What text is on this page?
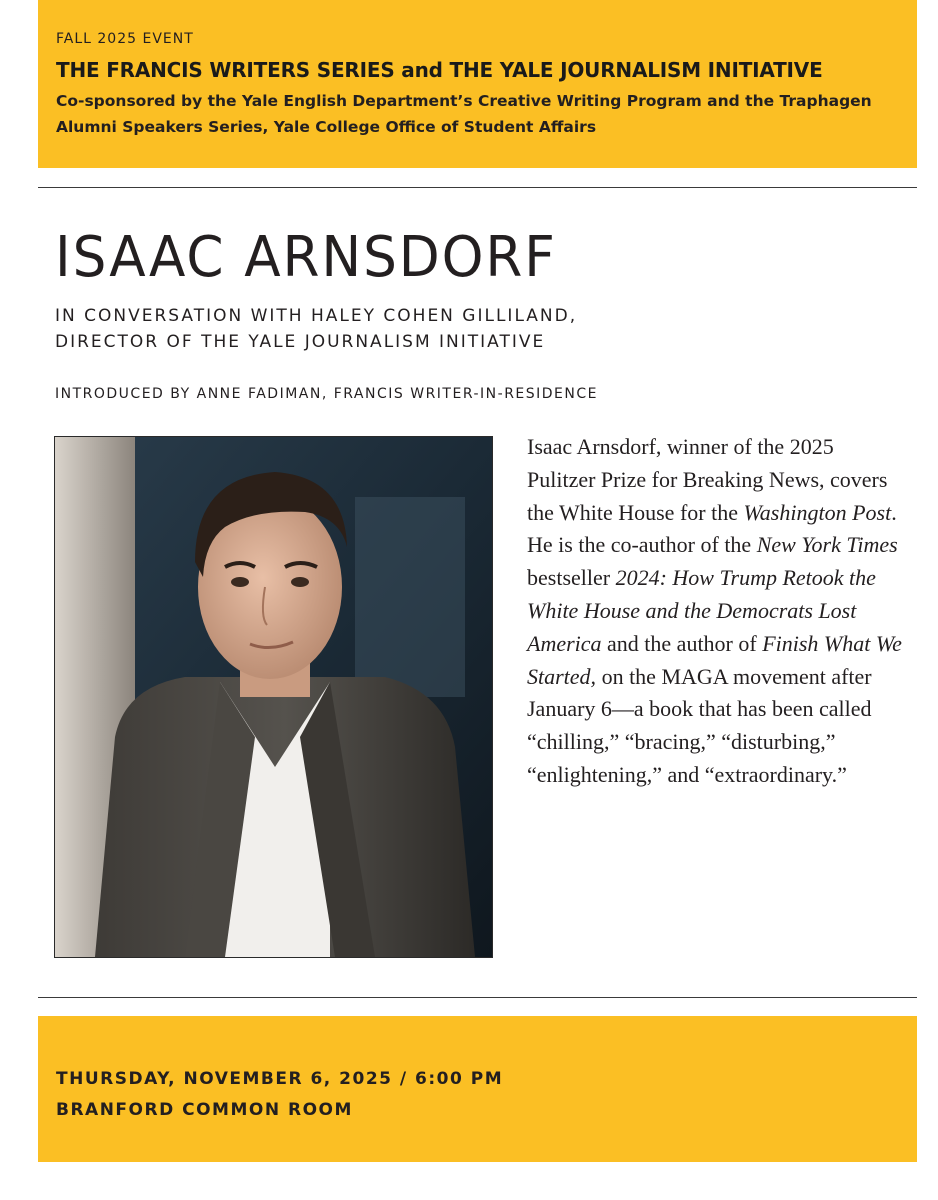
FALL 2025 EVENT

THE FRANCIS WRITERS SERIES and THE YALE JOURNALISM INITIATIVE

Co-sponsored by the Yale English Department’s Creative Writing Program and the Traphagen Alumni Speakers Series, Yale College Office of Student Affairs

ISAAC ARNSDORF
IN CONVERSATION WITH HALEY COHEN GILLILAND,
DIRECTOR OF THE YALE JOURNALISM INITIATIVE
INTRODUCED BY ANNE FADIMAN, FRANCIS WRITER-IN-RESIDENCE

Isaac Arnsdorf, winner of the 2025 Pulitzer Prize for Breaking News, covers the White House for the Washington Post. He is the co-author of the New York Times bestseller 2024: How Trump Retook the White House and the Democrats Lost America and the author of Finish What We Started, on the MAGA movement after January 6—a book that has been called “chilling,” “bracing,” “disturbing,” “enlightening,” and “extraordinary.”

THURSDAY, NOVEMBER 6, 2025 / 6:00 PM
BRANFORD COMMON ROOM
